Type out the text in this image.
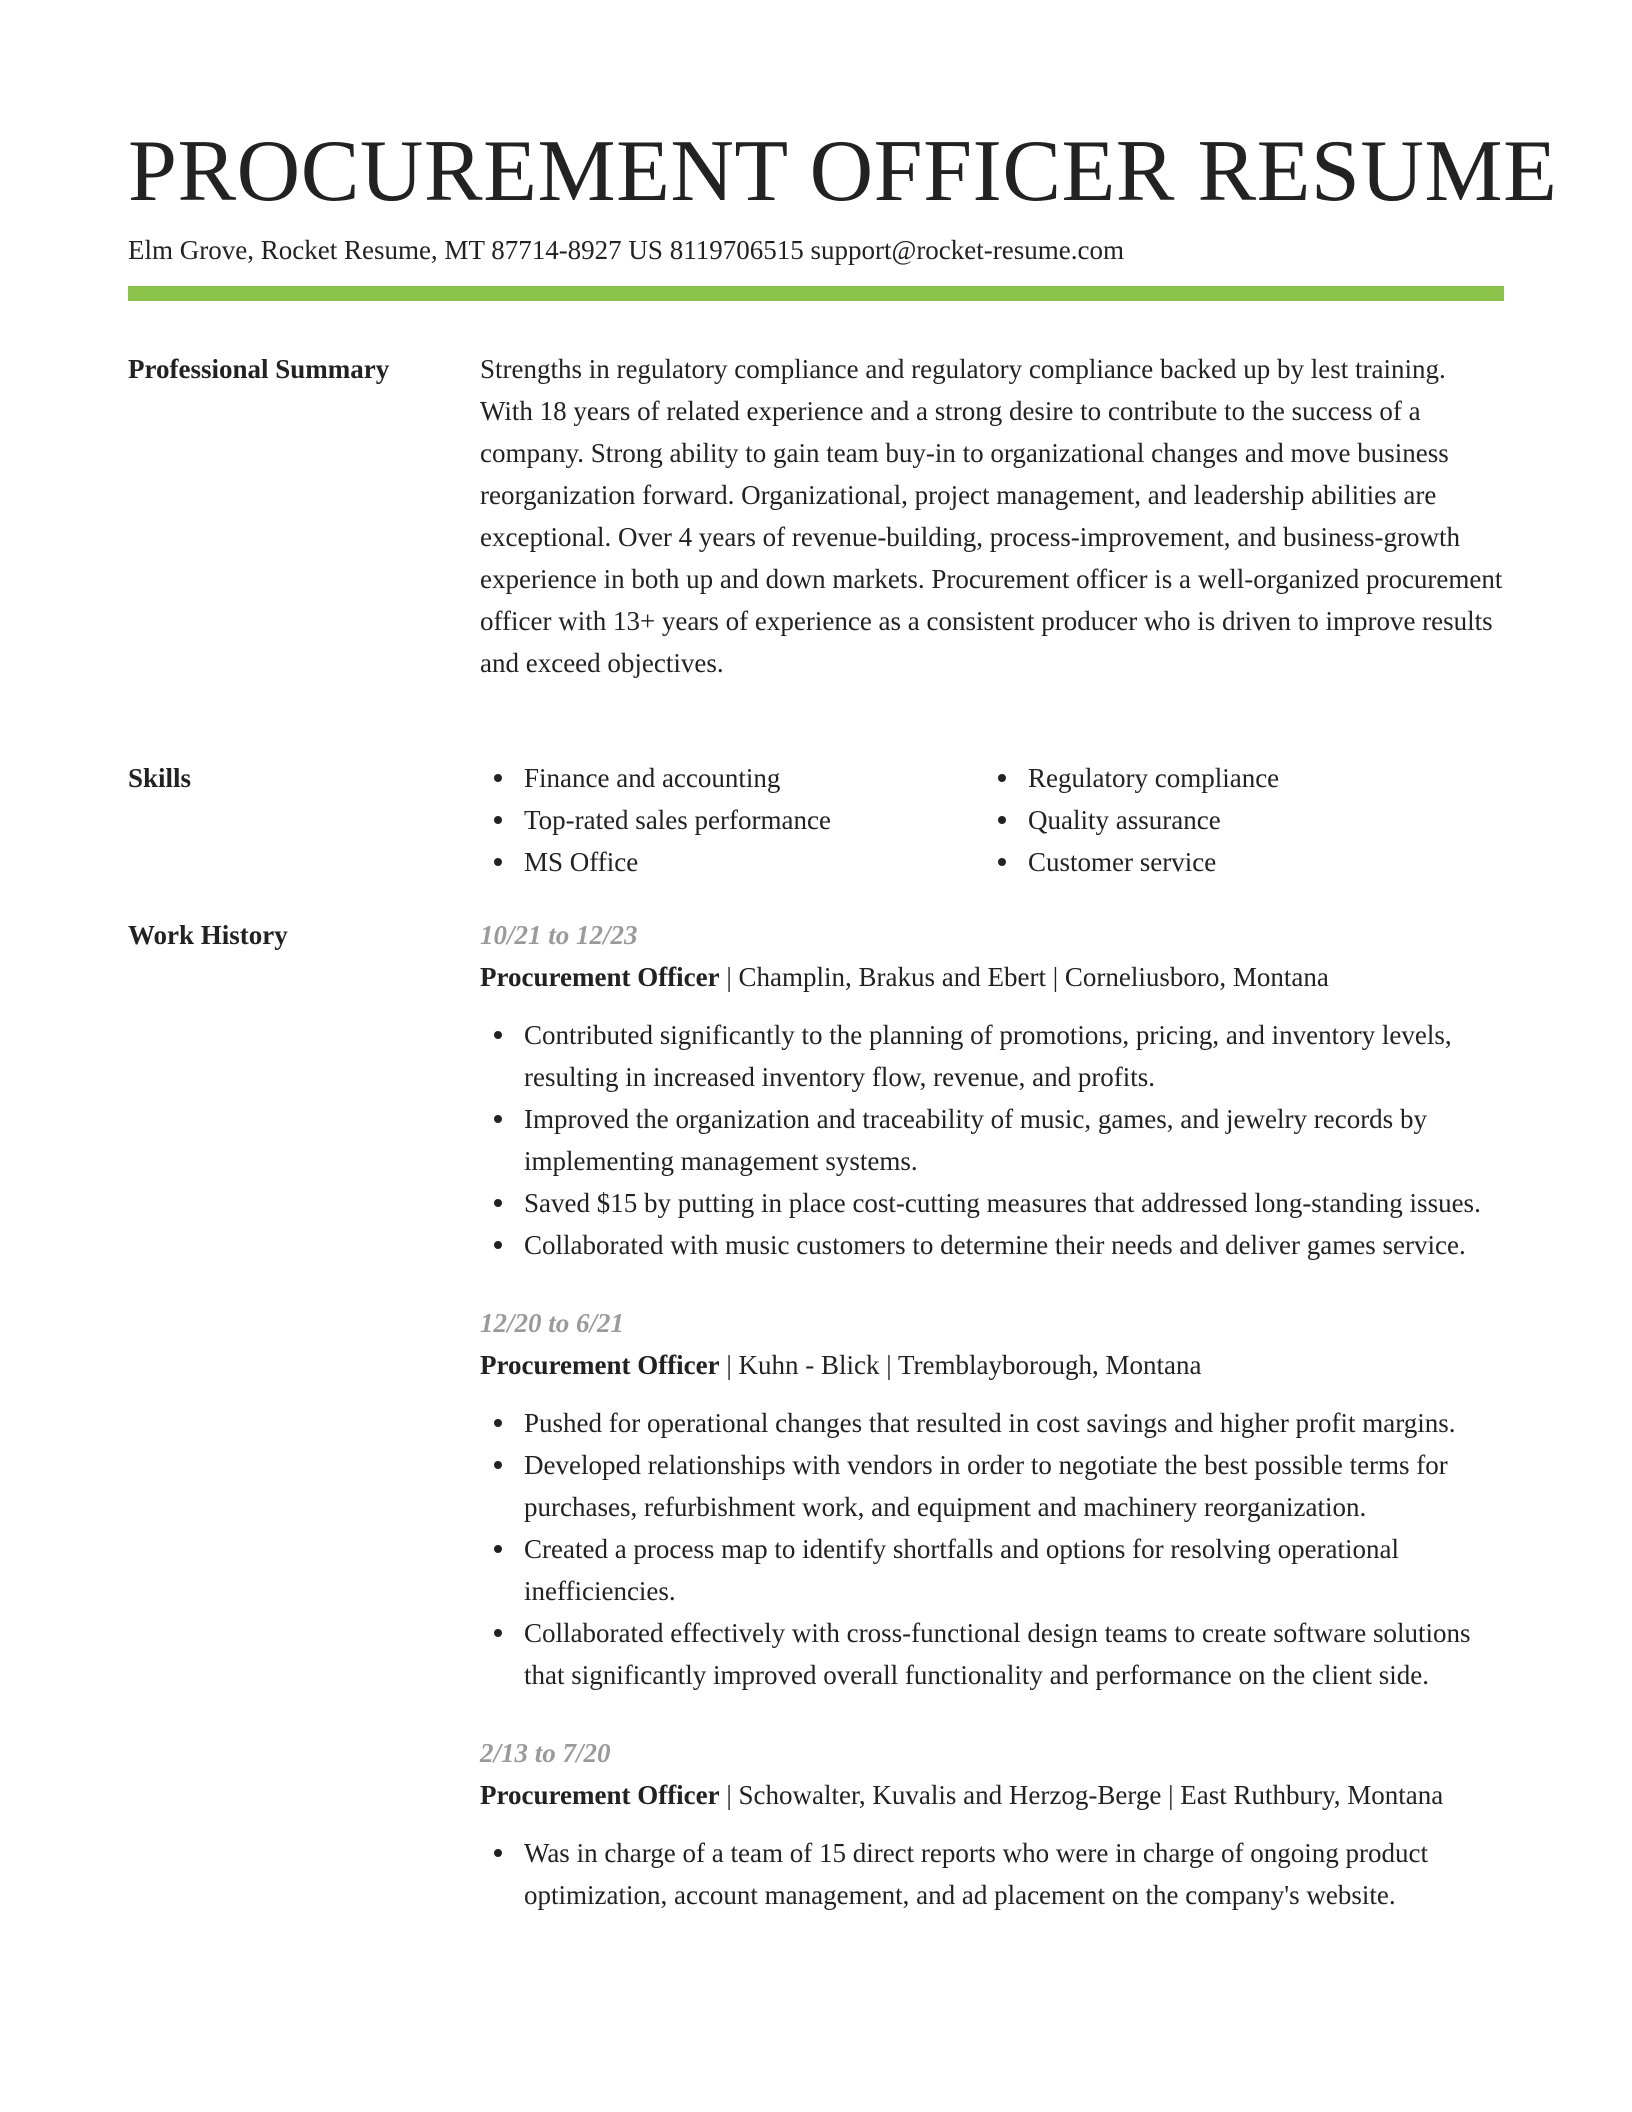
PROCUREMENT OFFICER RESUME
Elm Grove, Rocket Resume, MT 87714-8927 US 8119706515 support@rocket-resume.com
Professional Summary	Strengths in regulatory compliance and regulatory compliance backed up by lest training. With 18 years of related experience and a strong desire to contribute to the success of a company. Strong ability to gain team buy-in to organizational changes and move business reorganization forward. Organizational, project management, and leadership abilities are exceptional. Over 4 years of revenue-building, process-improvement, and business-growth experience in both up and down markets. Procurement officer is a well-organized procurement officer with 13+ years of experience as a consistent producer who is driven to improve results and exceed objectives.

Skills	Finance and accounting
Top-rated sales performance
MS Office
Regulatory compliance
Quality assurance
Customer service
Work History	10/21 to 12/23

Procurement Officer | Champlin, Brakus and Ebert | Corneliusboro, Montana

Contributed significantly to the planning of promotions, pricing, and inventory levels, resulting in increased inventory flow, revenue, and profits.
Improved the organization and traceability of music, games, and jewelry records by implementing management systems.
Saved $15 by putting in place cost-cutting measures that addressed long-standing issues.
Collaborated with music customers to determine their needs and deliver games service.

12/20 to 6/21

Procurement Officer | Kuhn - Blick | Tremblayborough, Montana

Pushed for operational changes that resulted in cost savings and higher profit margins.
Developed relationships with vendors in order to negotiate the best possible terms for purchases, refurbishment work, and equipment and machinery reorganization.
Created a process map to identify shortfalls and options for resolving operational inefficiencies.
Collaborated effectively with cross-functional design teams to create software solutions that significantly improved overall functionality and performance on the client side.

2/13 to 7/20

Procurement Officer | Schowalter, Kuvalis and Herzog-Berge | East Ruthbury, Montana

Was in charge of a team of 15 direct reports who were in charge of ongoing product optimization, account management, and ad placement on the company's website.
